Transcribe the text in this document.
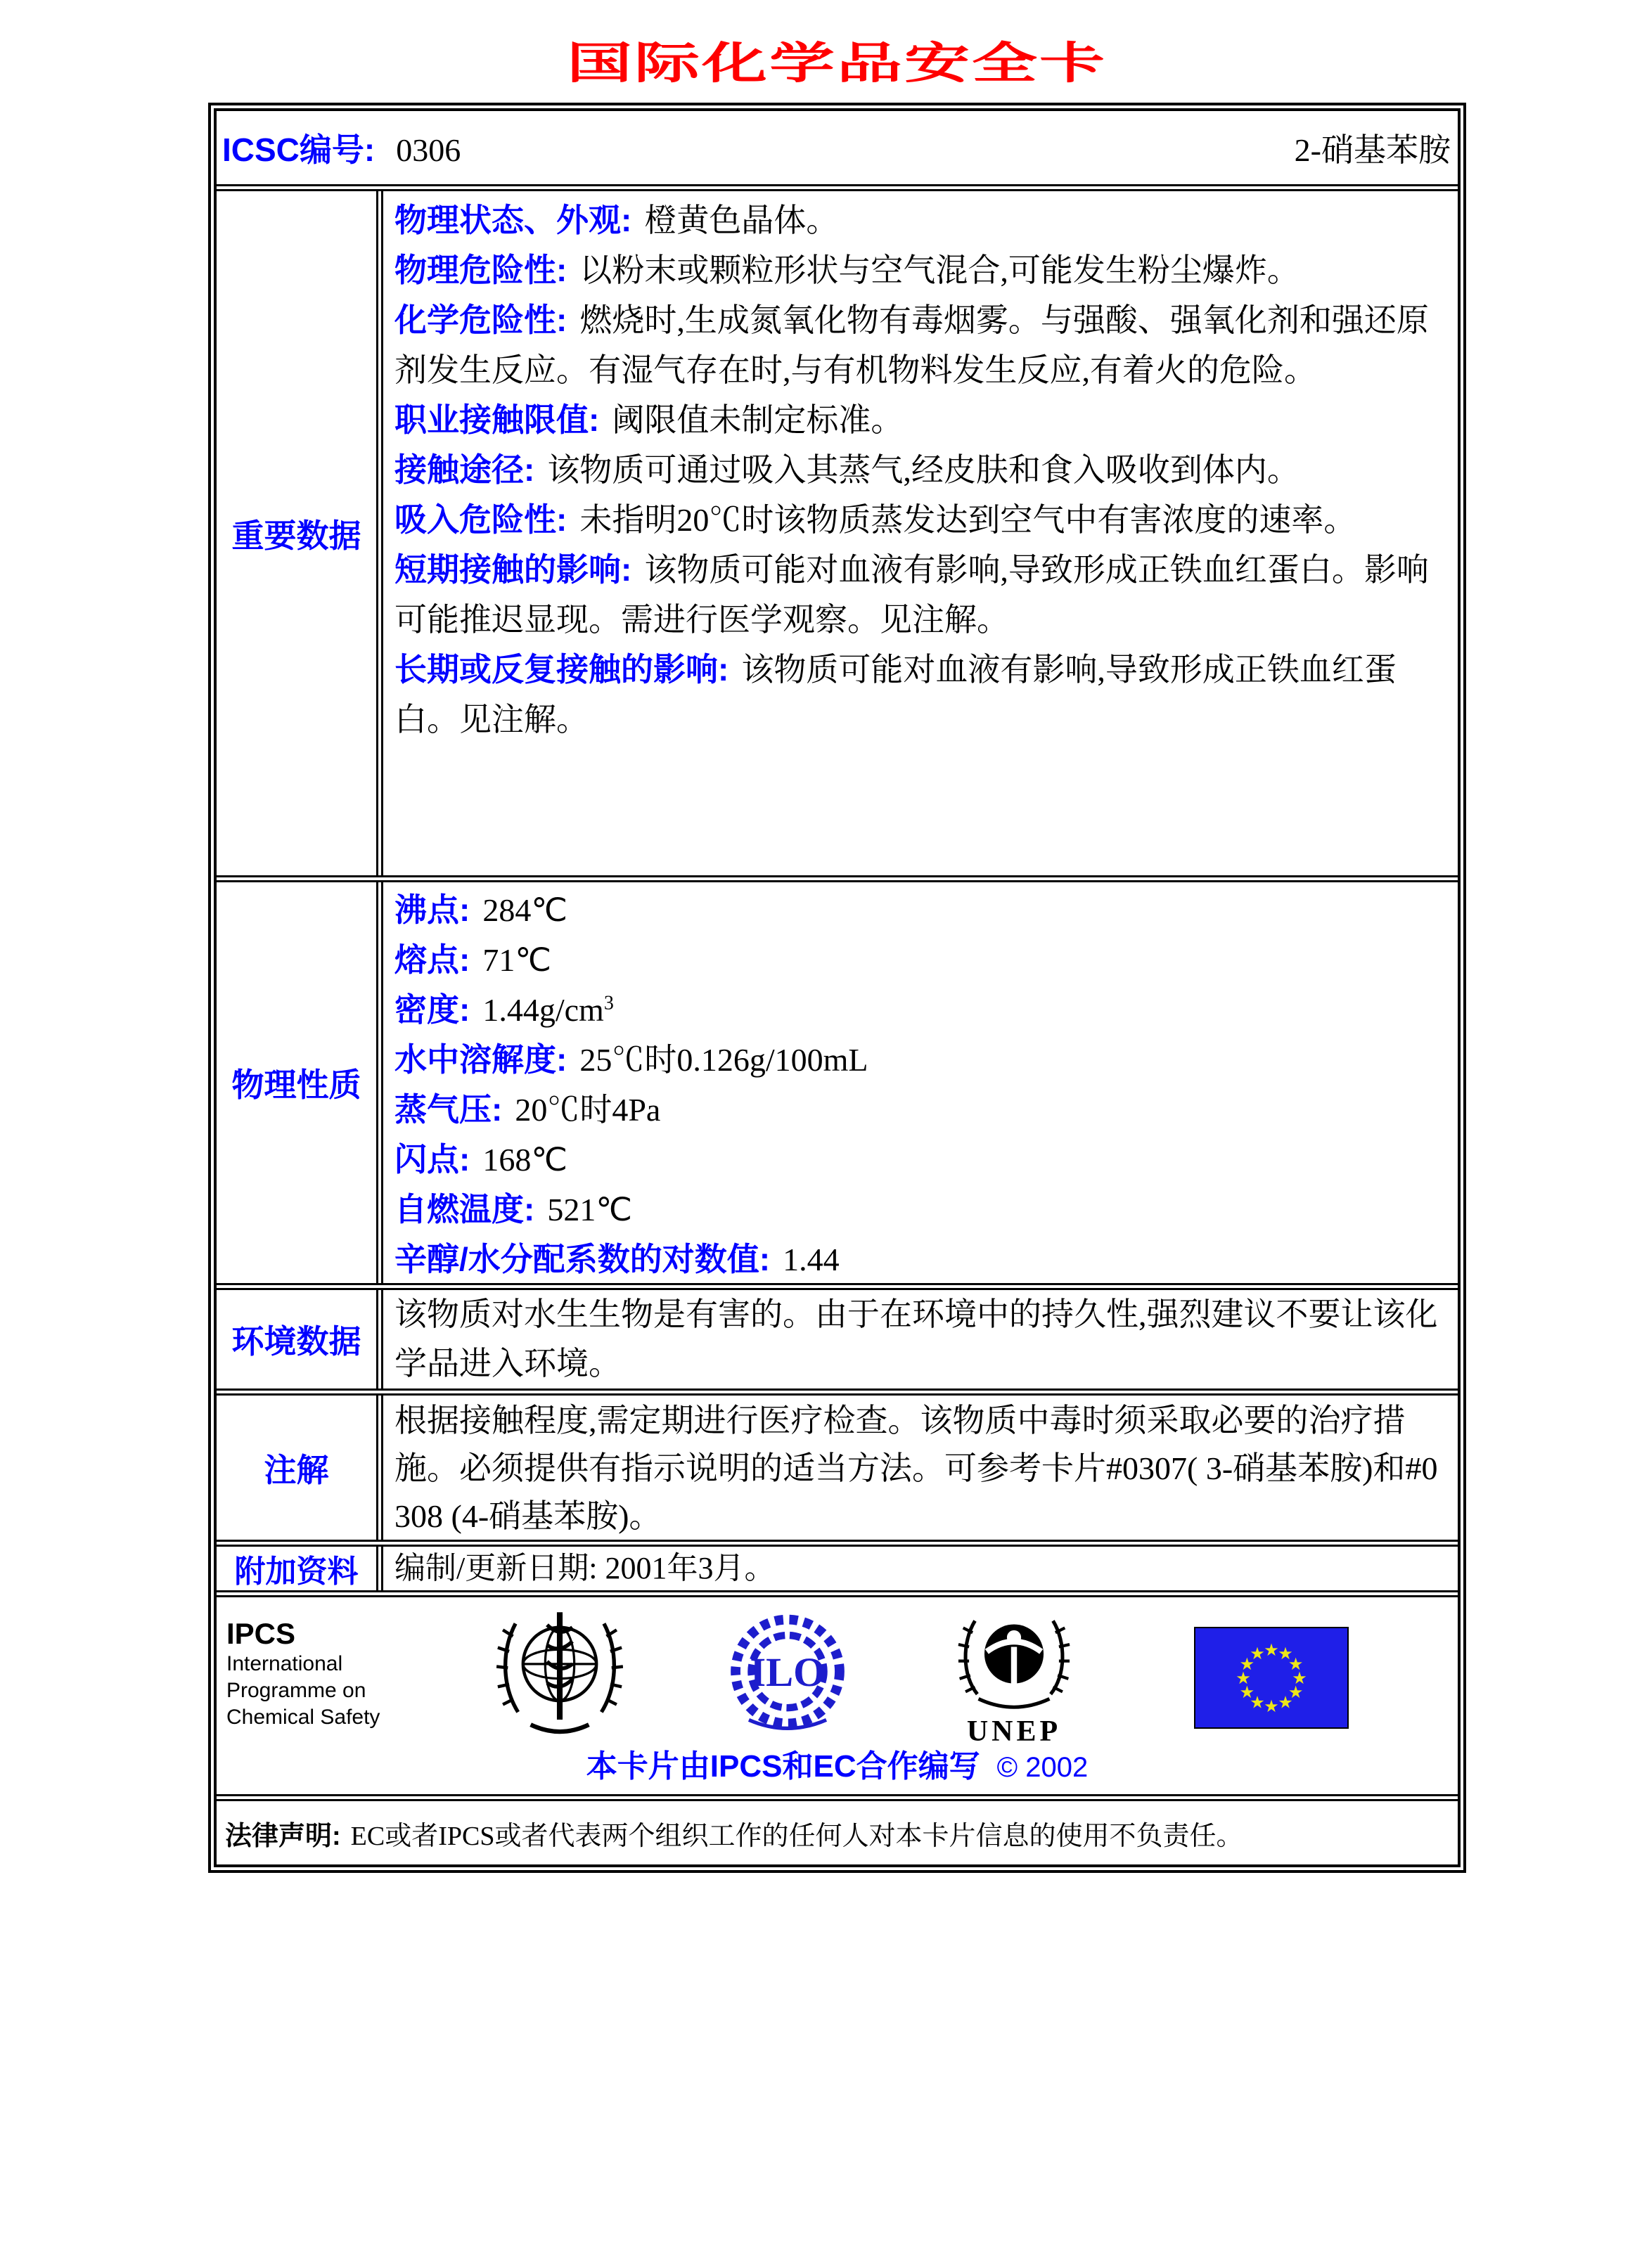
国际化学品安全卡
ICSC编号: 0306	2-硝基苯胺
重要数据

物理状态、外观: 橙黄色晶体。

物理危险性: 以粉末或颗粒形状与空气混合,可能发生粉尘爆炸。

化学危险性: 燃烧时,生成氮氧化物有毒烟雾。与强酸、强氧化剂和强还原剂发生反应。有湿气存在时,与有机物料发生反应,有着火的危险。

职业接触限值: 阈限值未制定标准。

接触途径: 该物质可通过吸入其蒸气,经皮肤和食入吸收到体内。

吸入危险性: 未指明20℃时该物质蒸发达到空气中有害浓度的速率。

短期接触的影响: 该物质可能对血液有影响,导致形成正铁血红蛋白。影响可能推迟显现。需进行医学观察。见注解。

长期或反复接触的影响: 该物质可能对血液有影响,导致形成正铁血红蛋白。见注解。

物理性质

沸点: 284℃

熔点: 71℃

密度: $1.44g/cm^3$

水中溶解度: 25℃时0.126g/100mL

蒸气压: 20℃时4Pa

闪点: 168℃

自燃温度: 521℃

辛醇/水分配系数的对数值: 1.44

环境数据

该物质对水生生物是有害的。由于在环境中的持久性,强烈建议不要让该化学品进入环境。

注解

根据接触程度,需定期进行医疗检查。该物质中毒时须采取必要的治疗措施。必须提供有指示说明的适当方法。可参考卡片#0307( 3-硝基苯胺)和#0308 (4-硝基苯胺)。

附加资料	编制/更新日期: 2001年3月。

IPCS
International
Programme on
Chemical Safety
ILO
UNEP
★
★
★
★
★
★
★
★
★
★
★
★
本卡片由IPCS和EC合作编写 © 2002
法律声明: EC或者IPCS或者代表两个组织工作的任何人对本卡片信息的使用不负责任。
